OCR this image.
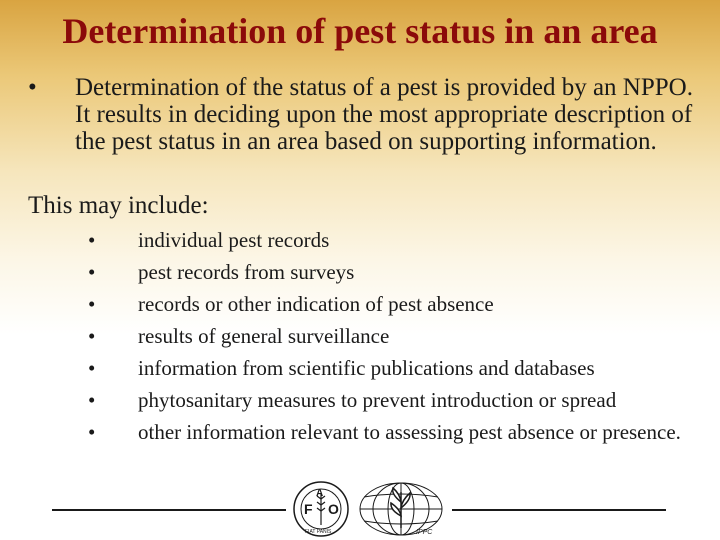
Determination of pest status in an area
• Determination of the status of a pest is provided by an NPPO. It results in deciding upon the most appropriate description of the pest status in an area based on supporting information.
This may include:
•	individual pest records
•	pest records from surveys
•	records or other indication of pest absence
•	results of general surveillance
•	information from scientific publications and databases
•	phytosanitary measures to prevent introduction or spread
•	other information relevant to assessing pest absence or presence.
F
A
O
FIAT PANIS	IPPC
